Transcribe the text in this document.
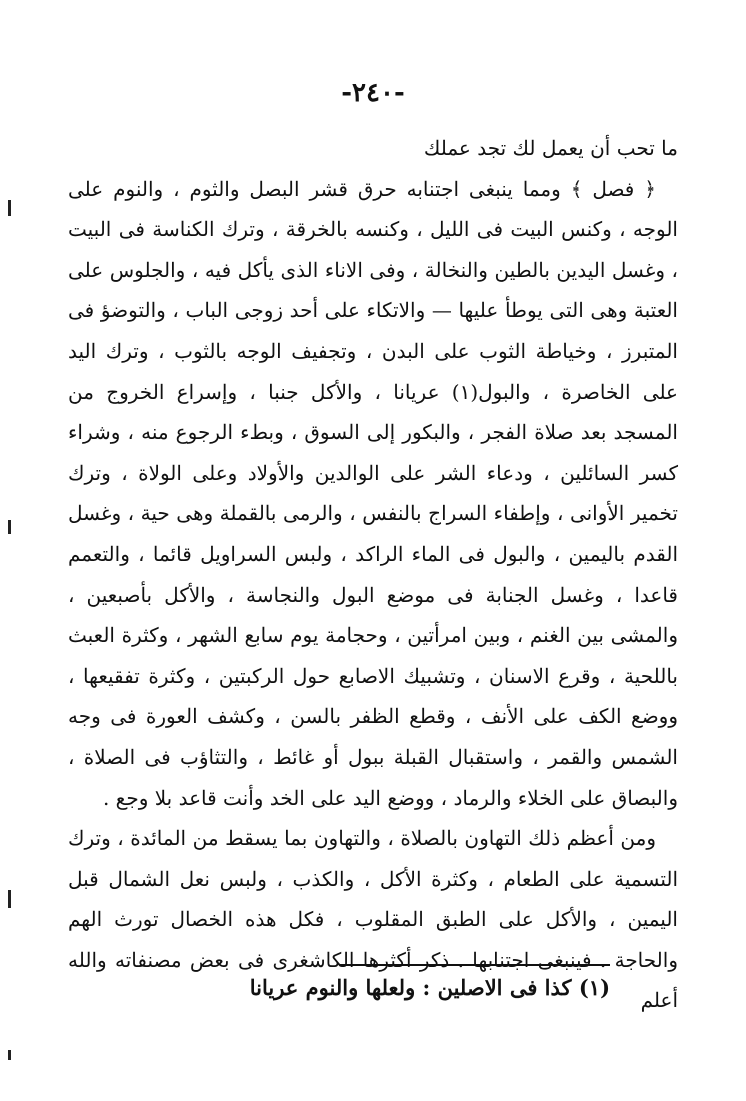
-٢٤٠-

ما تحب أن يعمل لك تجد عملك

﴿ فصل ﴾ ومما ينبغى اجتنابه حرق قشر البصل والثوم ، والنوم على الوجه ، وكنس البيت فى الليل ، وكنسه بالخرقة ، وترك الكناسة فى البيت ، وغسل اليدين بالطين والنخالة ، وفى الاناء الذى يأكل فيه ، والجلوس على العتبة وهى التى يوطأ عليها — والاتكاء على أحد زوجى الباب ، والتوضؤ فى المتبرز ، وخياطة الثوب على البدن ، وتجفيف الوجه بالثوب ، وترك اليد على الخاصرة ، والبول(١) عريانا ، والأكل جنبا ، وإسراع الخروج من المسجد بعد صلاة الفجر ، والبكور إلى السوق ، وبطء الرجوع منه ، وشراء كسر السائلين ، ودعاء الشر على الوالدين والأولاد وعلى الولاة ، وترك تخمير الأوانى ، وإطفاء السراج بالنفس ، والرمى بالقملة وهى حية ، وغسل القدم باليمين ، والبول فى الماء الراكد ، ولبس السراويل قائما ، والتعمم قاعدا ، وغسل الجنابة فى موضع البول والنجاسة ، والأكل بأصبعين ، والمشى بين الغنم ، وبين امرأتين ، وحجامة يوم سابع الشهر ، وكثرة العبث باللحية ، وقرع الاسنان ، وتشبيك الاصابع حول الركبتين ، وكثرة تفقيعها ، ووضع الكف على الأنف ، وقطع الظفر بالسن ، وكشف العورة فى وجه الشمس والقمر ، واستقبال القبلة ببول أو غائط ، والتثاؤب فى الصلاة ، والبصاق على الخلاء والرماد ، ووضع اليد على الخد وأنت قاعد بلا وجع .

ومن أعظم ذلك التهاون بالصلاة ، والتهاون بما يسقط من المائدة ، وترك التسمية على الطعام ، وكثرة الأكل ، والكذب ، ولبس نعل الشمال قبل اليمين ، والأكل على الطبق المقلوب ، فكل هذه الخصال تورث الهم والحاجة . فينبغى اجتنابها . ذكر أكثرها الكاشغرى فى بعض مصنفاته والله أعلم

(١) كذا فى الاصلين : ولعلها والنوم عريانا
